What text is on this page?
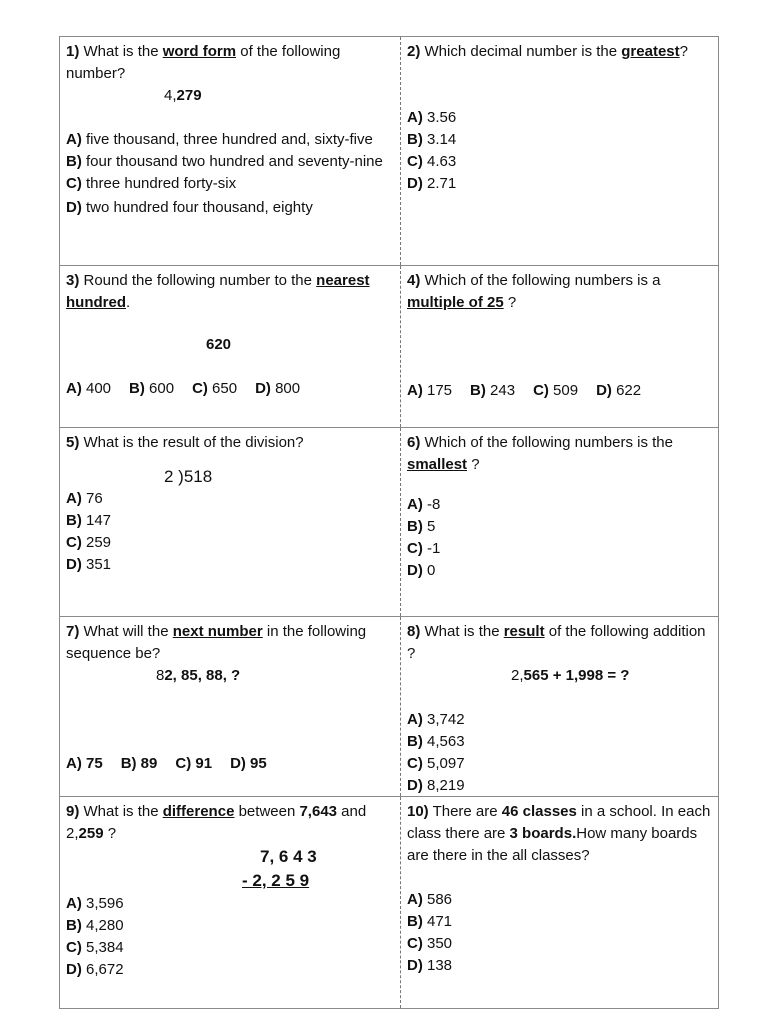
1) What is the word form of the following number?

4,279

A) five thousand, three hundred and, sixty-five
B) four thousand two hundred and seventy-nine
C) three hundred forty-six
D) two hundred four thousand, eighty

2) Which decimal number is the greatest?

A) 3.56
B) 3.14
C) 4.63
D) 2.71

3) Round the following number to the nearest hundred.

620

A) 400 B) 600 C) 650 D) 800

4) Which of the following numbers is a multiple of 25 ?

A) 175 B) 243 C) 509 D) 622

5) What is the result of the division?

2 )518

A) 76
B) 147
C) 259
D) 351

6) Which of the following numbers is the smallest ?

A) -8
B) 5
C) -1
D) 0

7) What will the next number in the following sequence be?

82, 85, 88, ?

A) 75 B) 89 C) 91 D) 95

8) What is the result of the following addition ?

2,565 + 1,998 = ?

A) 3,742
B) 4,563
C) 5,097
D) 8,219

9) What is the difference between 7,643 and 2,259 ?

7, 6 4 3

- 2, 2 5 9

A) 3,596
B) 4,280
C) 5,384
D) 6,672

10) There are 46 classes in a school. In each class there are 3 boards.How many boards are there in the all classes?

A) 586
B) 471
C) 350
D) 138
